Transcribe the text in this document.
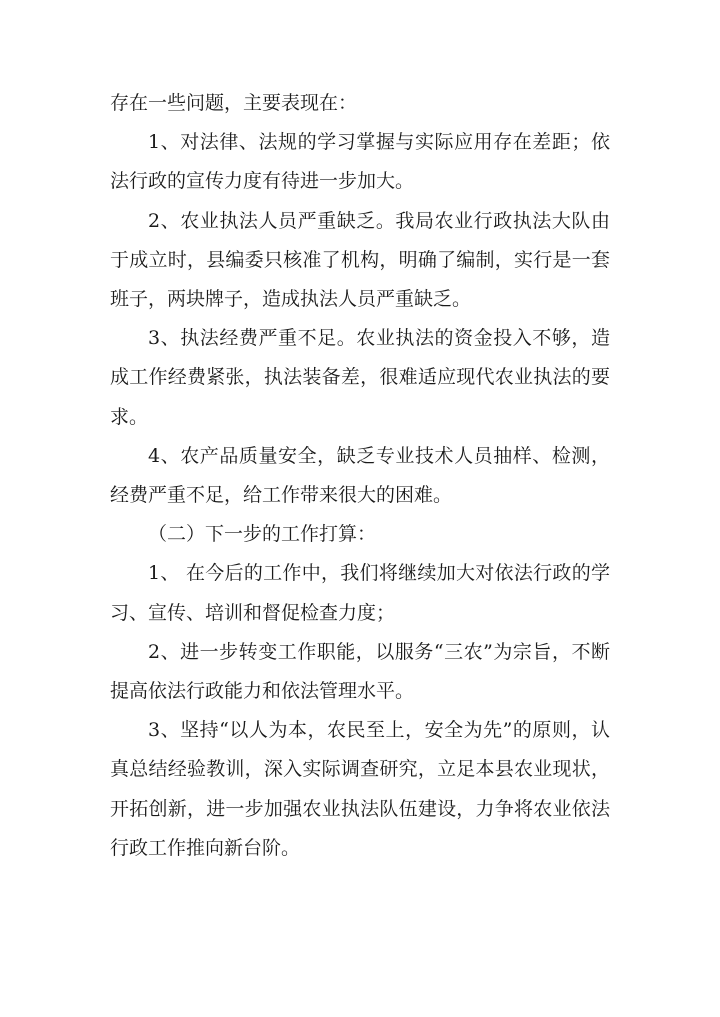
存在一些问题，主要表现在：

1、对法律、法规的学习掌握与实际应用存在差距；依法行政的宣传力度有待进一步加大。

2、农业执法人员严重缺乏。我局农业行政执法大队由于成立时，县编委只核准了机构，明确了编制，实行是一套班子，两块牌子，造成执法人员严重缺乏。

3、执法经费严重不足。农业执法的资金投入不够，造成工作经费紧张，执法装备差，很难适应现代农业执法的要求。

4、农产品质量安全，缺乏专业技术人员抽样、检测，经费严重不足，给工作带来很大的困难。

（二）下一步的工作打算：

1、 在今后的工作中，我们将继续加大对依法行政的学习、宣传、培训和督促检查力度；

2、进一步转变工作职能，以服务“三农”为宗旨，不断提高依法行政能力和依法管理水平。

3、坚持“以人为本，农民至上，安全为先”的原则，认真总结经验教训，深入实际调查研究，立足本县农业现状，开拓创新，进一步加强农业执法队伍建设，力争将农业依法行政工作推向新台阶。
